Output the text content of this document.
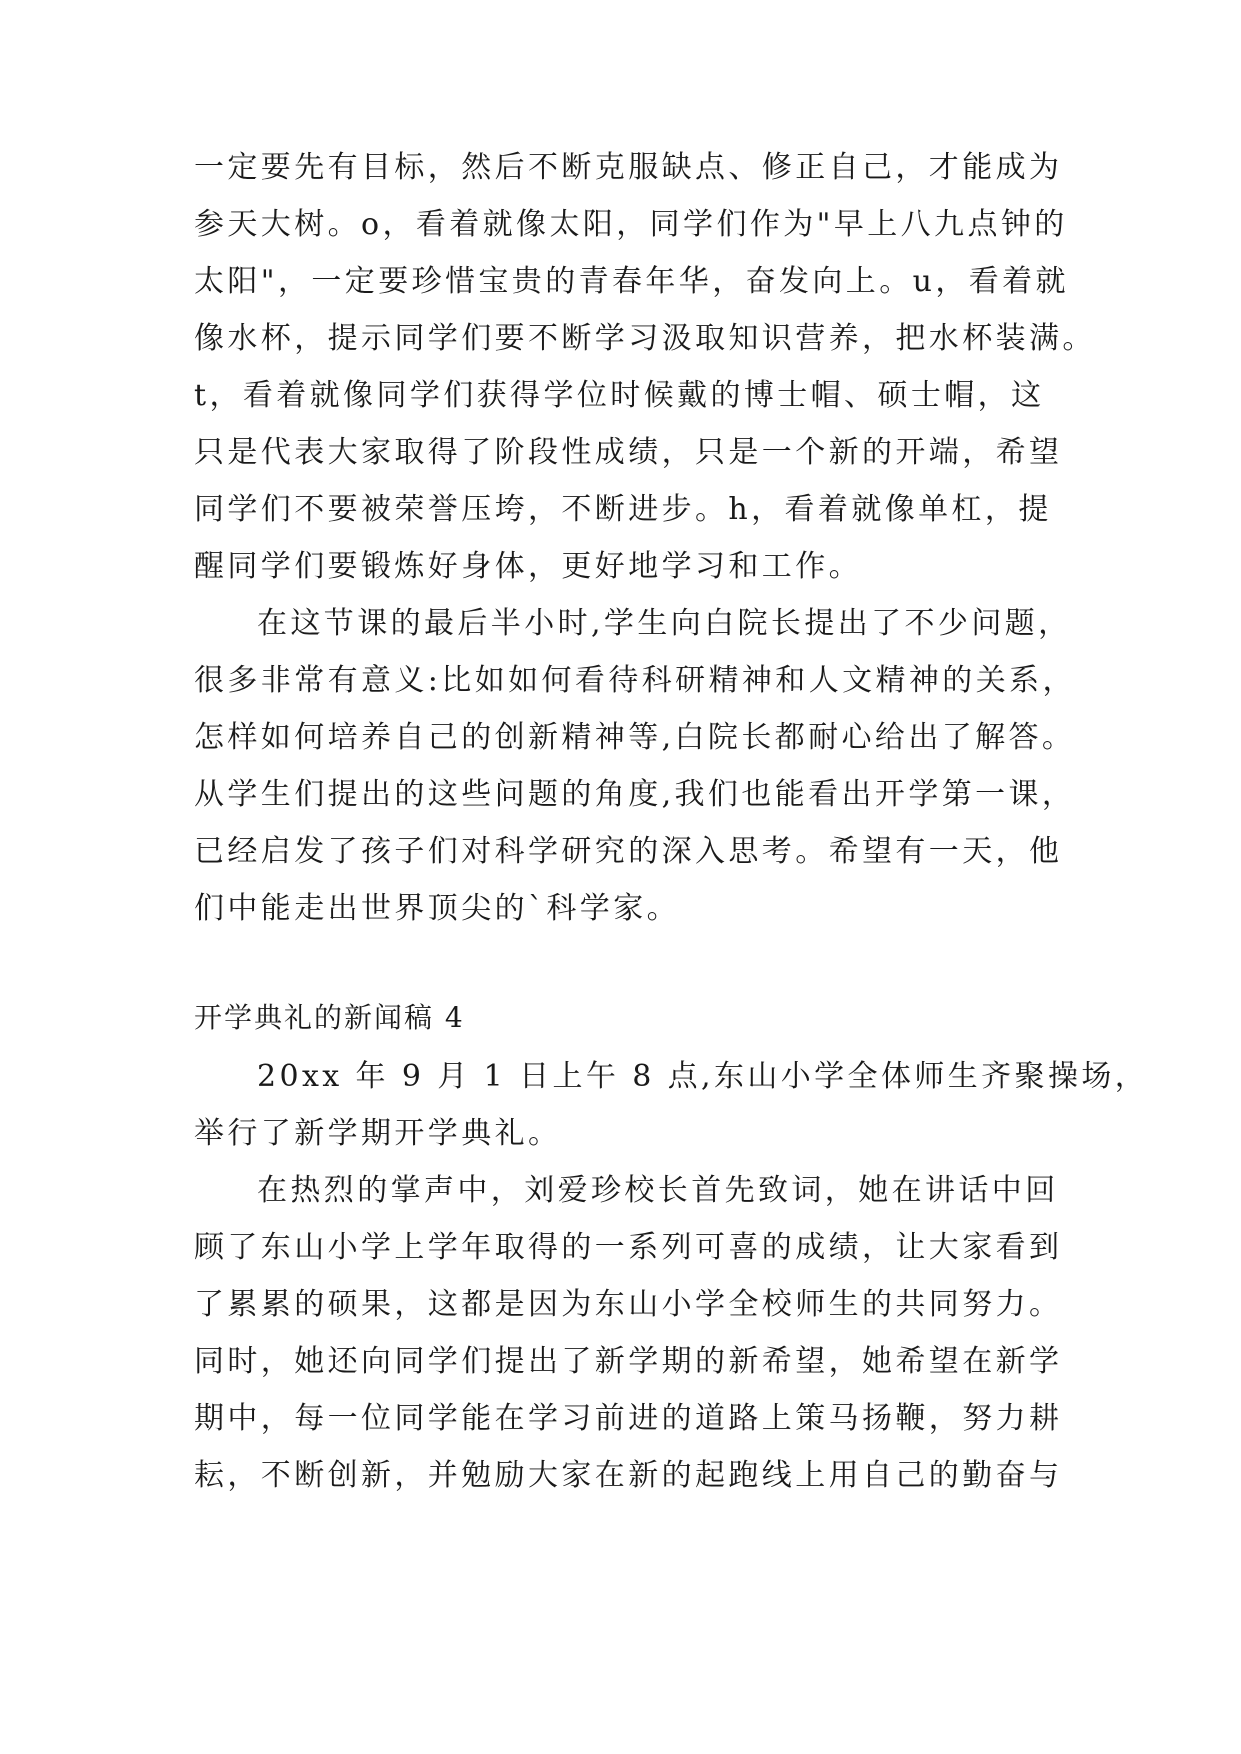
一定要先有目标，然后不断克服缺点、修正自己，才能成为
参天大树。o，看着就像太阳，同学们作为"早上八九点钟的
太阳"，一定要珍惜宝贵的青春年华，奋发向上。u，看着就
像水杯，提示同学们要不断学习汲取知识营养，把水杯装满。
t，看着就像同学们获得学位时候戴的博士帽、硕士帽，这
只是代表大家取得了阶段性成绩，只是一个新的开端，希望
同学们不要被荣誉压垮，不断进步。h，看着就像单杠，提
醒同学们要锻炼好身体，更好地学习和工作。
在这节课的最后半小时,学生向白院长提出了不少问题，
很多非常有意义:比如如何看待科研精神和人文精神的关系，
怎样如何培养自己的创新精神等,白院长都耐心给出了解答。
从学生们提出的这些问题的角度,我们也能看出开学第一课，
已经启发了孩子们对科学研究的深入思考。希望有一天，他
们中能走出世界顶尖的`科学家。
开学典礼的新闻稿 4
20xx 年 9 月 1 日上午 8 点,东山小学全体师生齐聚操场，
举行了新学期开学典礼。
在热烈的掌声中，刘爱珍校长首先致词，她在讲话中回
顾了东山小学上学年取得的一系列可喜的成绩，让大家看到
了累累的硕果，这都是因为东山小学全校师生的共同努力。
同时，她还向同学们提出了新学期的新希望，她希望在新学
期中，每一位同学能在学习前进的道路上策马扬鞭，努力耕
耘，不断创新，并勉励大家在新的起跑线上用自己的勤奋与
